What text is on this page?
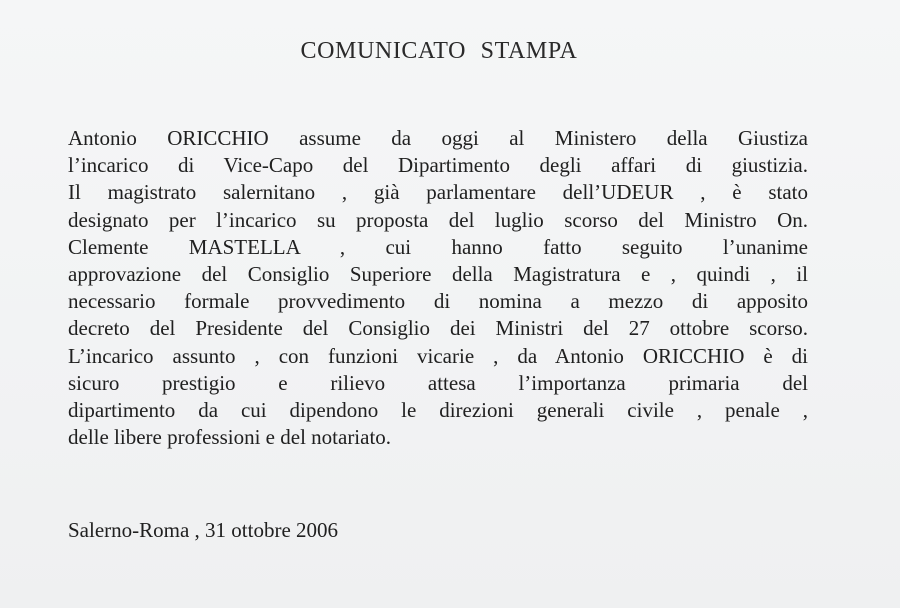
COMUNICATO STAMPA
Antonio ORICCHIO assume da oggi al Ministero della Giustiza
l’incarico di Vice-Capo del Dipartimento degli affari di giustizia.
Il magistrato salernitano , già parlamentare dell’UDEUR , è stato
designato per l’incarico su proposta del luglio scorso del Ministro On.
Clemente MASTELLA , cui hanno fatto seguito l’unanime
approvazione del Consiglio Superiore della Magistratura e , quindi , il
necessario formale provvedimento di nomina a mezzo di apposito
decreto del Presidente del Consiglio dei Ministri del 27 ottobre scorso.
L’incarico assunto , con funzioni vicarie , da Antonio ORICCHIO è di
sicuro prestigio e rilievo attesa l’importanza primaria del
dipartimento da cui dipendono le direzioni generali civile , penale ,
delle libere professioni e del notariato.
Salerno-Roma , 31 ottobre 2006
